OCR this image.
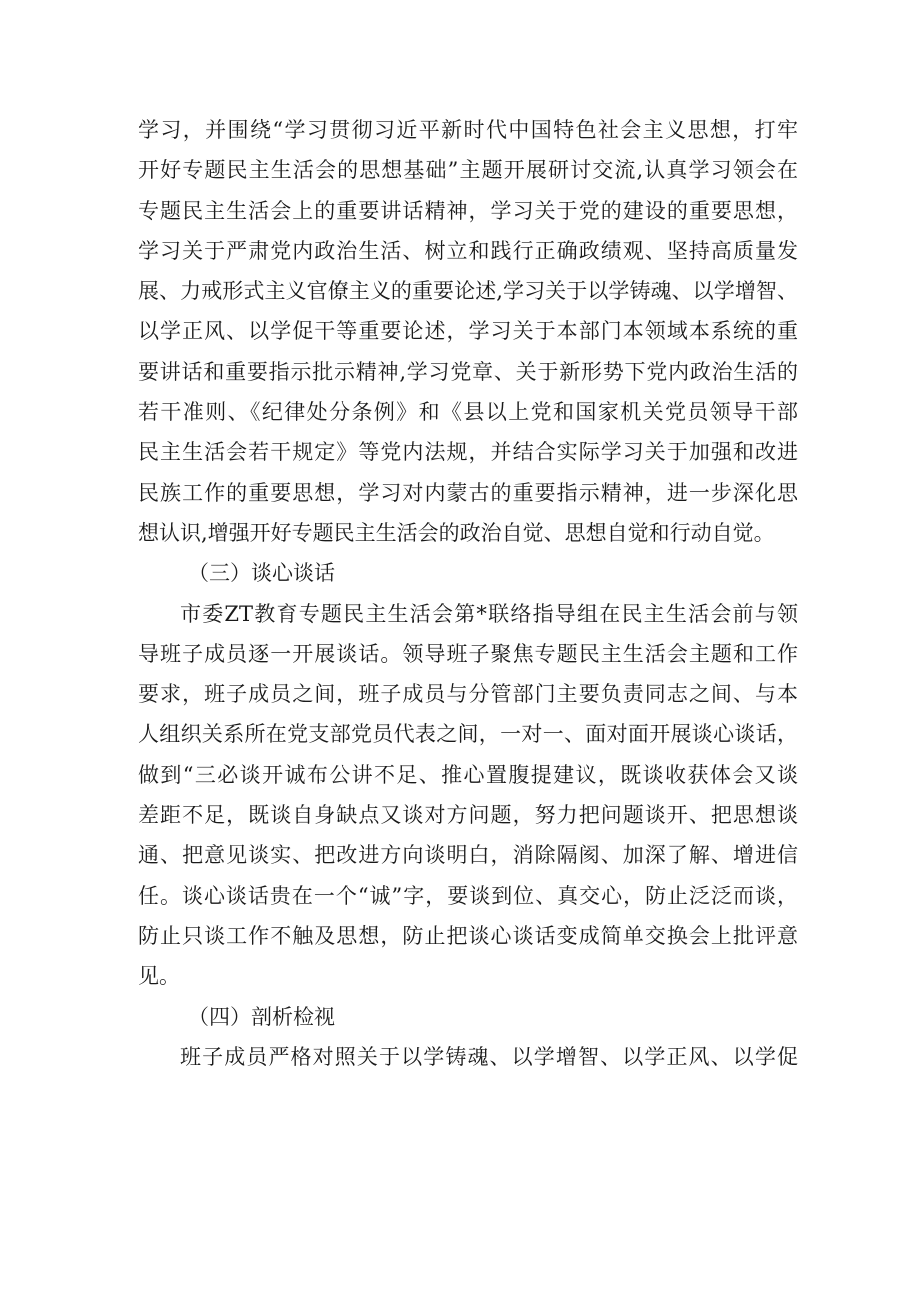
学习，并围绕“学习贯彻习近平新时代中国特色社会主义思想，打牢
开好专题民主生活会的思想基础”主题开展研讨交流,认真学习领会在
专题民主生活会上的重要讲话精神，学习关于党的建设的重要思想，
学习关于严肃党内政治生活、树立和践行正确政绩观、坚持高质量发
展、力戒形式主义官僚主义的重要论述,学习关于以学铸魂、以学增智、
以学正风、以学促干等重要论述，学习关于本部门本领域本系统的重
要讲话和重要指示批示精神,学习党章、关于新形势下党内政治生活的
若干准则、《纪律处分条例》和《县以上党和国家机关党员领导干部
民主生活会若干规定》等党内法规，并结合实际学习关于加强和改进
民族工作的重要思想，学习对内蒙古的重要指示精神，进一步深化思
想认识,增强开好专题民主生活会的政治自觉、思想自觉和行动自觉。
（三）谈心谈话
市委ZT教育专题民主生活会第*联络指导组在民主生活会前与领
导班子成员逐一开展谈话。领导班子聚焦专题民主生活会主题和工作
要求，班子成员之间，班子成员与分管部门主要负责同志之间、与本
人组织关系所在党支部党员代表之间，一对一、面对面开展谈心谈话，
做到“三必谈开诚布公讲不足、推心置腹提建议，既谈收获体会又谈
差距不足，既谈自身缺点又谈对方问题，努力把问题谈开、把思想谈
通、把意见谈实、把改进方向谈明白，消除隔阂、加深了解、增进信
任。谈心谈话贵在一个“诚”字，要谈到位、真交心，防止泛泛而谈，
防止只谈工作不触及思想，防止把谈心谈话变成简单交换会上批评意
见。
（四）剖析检视
班子成员严格对照关于以学铸魂、以学增智、以学正风、以学促
